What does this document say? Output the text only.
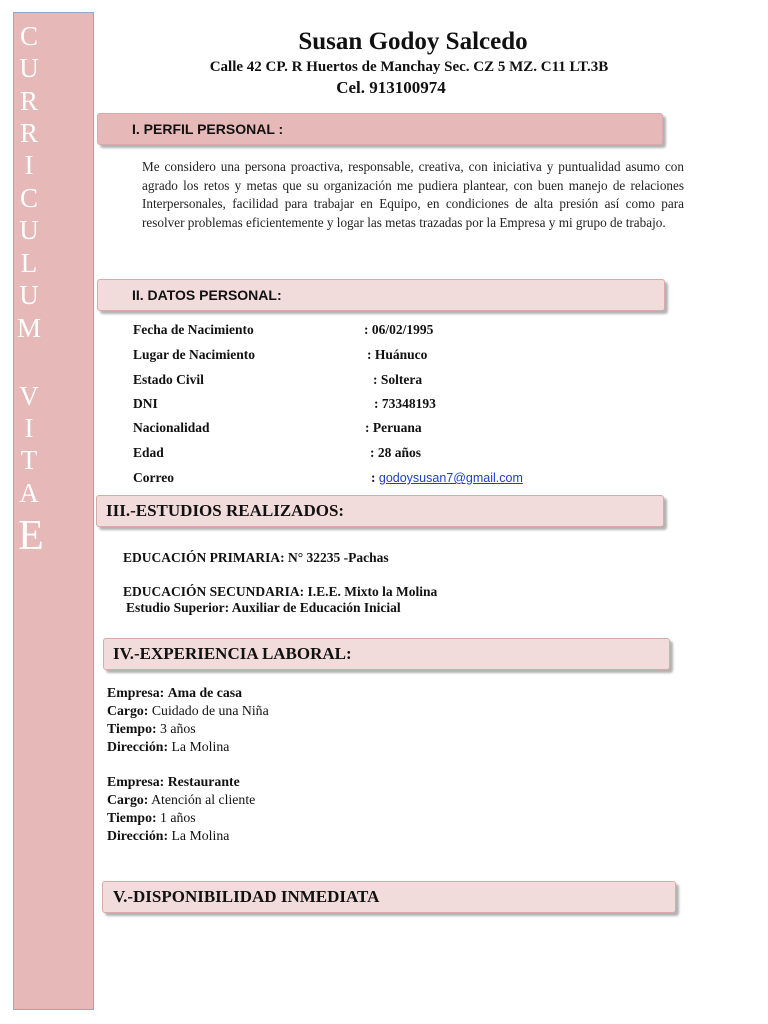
C
U
R
R
I
C
U
L
U
M
V
I
T
A
E
Susan Godoy Salcedo
Calle 42 CP. R Huertos de Manchay Sec. CZ 5 MZ. C11 LT.3B
Cel. 913100974
I. PERFIL PERSONAL :
Me considero una persona proactiva, responsable, creativa, con iniciativa y puntualidad asumo con agrado los retos y metas que su organización me pudiera plantear, con buen manejo de relaciones Interpersonales, facilidad para trabajar en Equipo, en condiciones de alta presión así como para resolver problemas eficientemente y logar las metas trazadas por la Empresa y mi grupo de trabajo.
II. DATOS PERSONAL:
Fecha de Nacimiento	: 06/02/1995
Lugar de Nacimiento	: Huánuco
Estado Civil	: Soltera
DNI	: 73348193
Nacionalidad	: Peruana
Edad	: 28 años
Correo	: godoysusan7@gmail.com
III.-ESTUDIOS REALIZADOS:
EDUCACIÓN PRIMARIA: N° 32235 -Pachas
EDUCACIÓN SECUNDARIA: I.E.E. Mixto la Molina
Estudio Superior: Auxiliar de Educación Inicial
IV.-EXPERIENCIA LABORAL:
Empresa: Ama de casa
Cargo: Cuidado de una Niña
Tiempo: 3 años
Dirección: La Molina
Empresa: Restaurante
Cargo: Atención al cliente
Tiempo: 1 años
Dirección: La Molina
V.-DISPONIBILIDAD INMEDIATA
